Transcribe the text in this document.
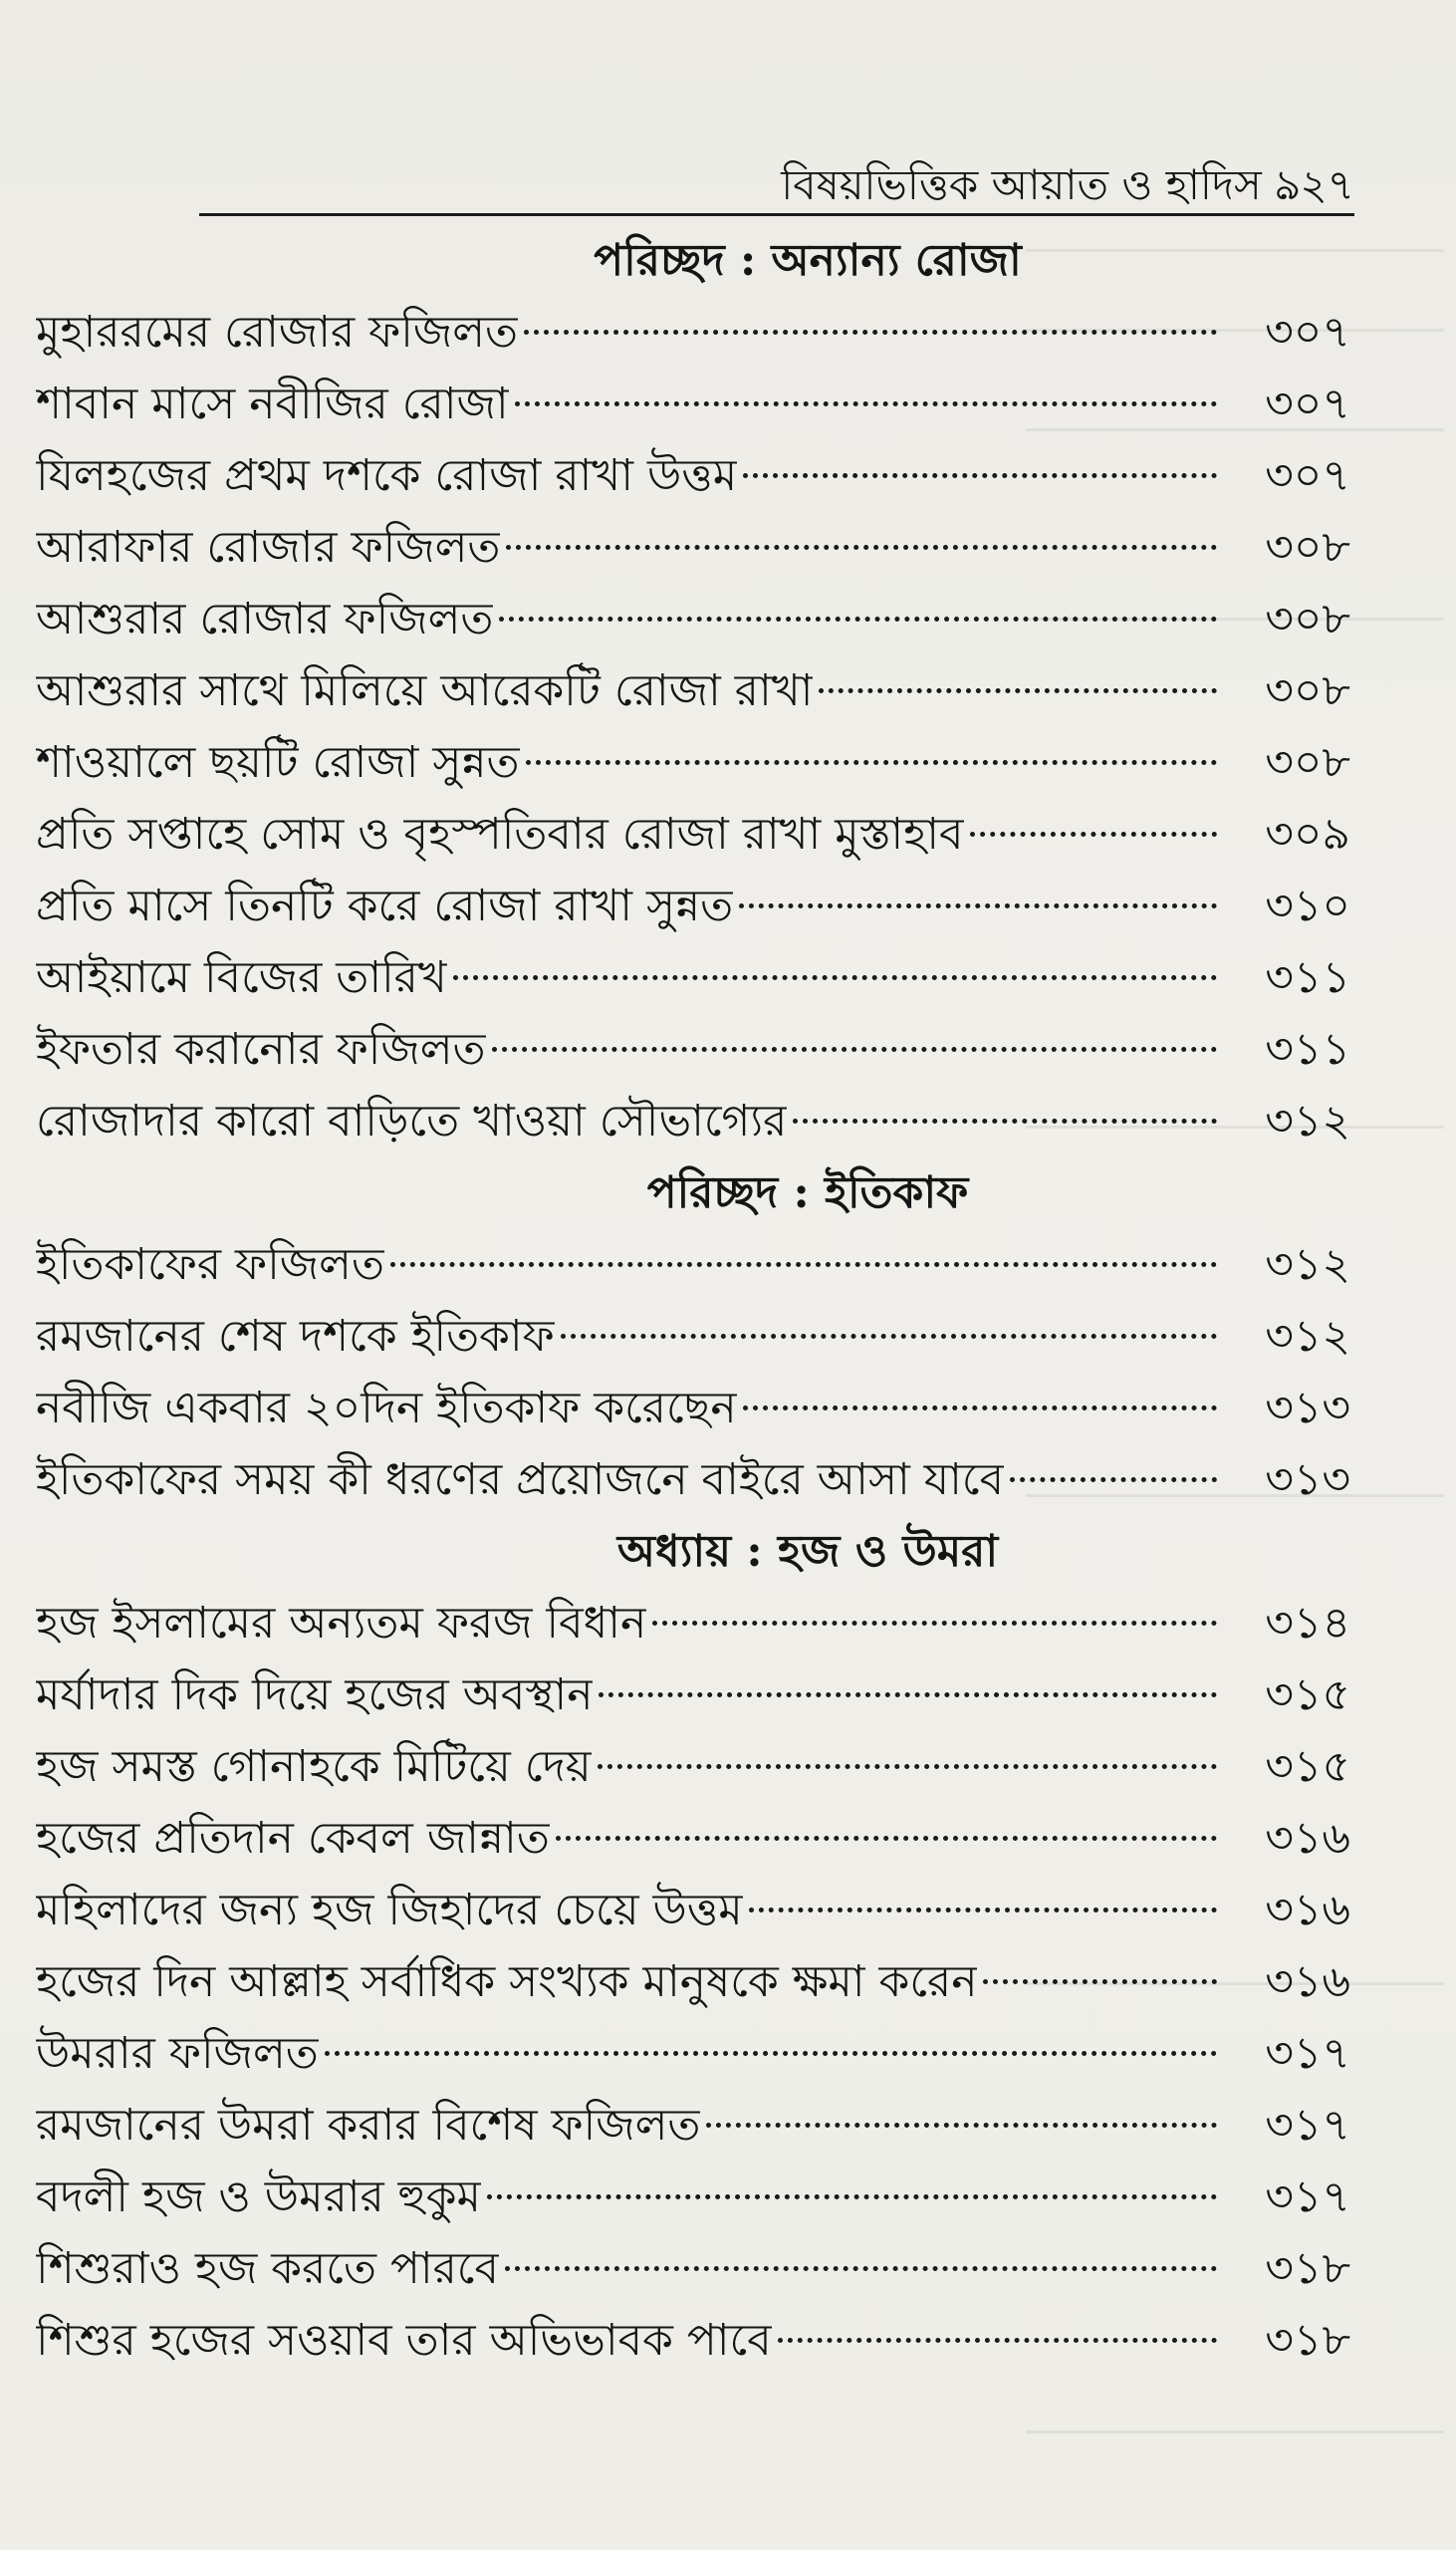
বিষয়ভিত্তিক আয়াত ও হাদিস ঌ২৭
পরিচ্ছদ : অন্যান্য রোজা
মুহাররমের রোজার ফজিলত	৩০৭
শাবান মাসে নবীজির রোজা	৩০৭
যিলহজের প্রথম দশকে রোজা রাখা উত্তম	৩০৭
আরাফার রোজার ফজিলত	৩০৮
আশুরার রোজার ফজিলত	৩০৮
আশুরার সাথে মিলিয়ে আরেকটি রোজা রাখা	৩০৮
শাওয়ালে ছয়টি রোজা সুন্নত	৩০৮
প্রতি সপ্তাহে সোম ও বৃহস্পতিবার রোজা রাখা মুস্তাহাব	৩০৯
প্রতি মাসে তিনটি করে রোজা রাখা সুন্নত	৩১০
আইয়ামে বিজের তারিখ	৩১১
ইফতার করানোর ফজিলত	৩১১
রোজাদার কারো বাড়িতে খাওয়া সৌভাগ্যের	৩১২
পরিচ্ছদ : ইতিকাফ
ইতিকাফের ফজিলত	৩১২
রমজানের শেষ দশকে ইতিকাফ	৩১২
নবীজি একবার ২০দিন ইতিকাফ করেছেন	৩১৩
ইতিকাফের সময় কী ধরণের প্রয়োজনে বাইরে আসা যাবে	৩১৩
অধ্যায় : হজ ও উমরা
হজ ইসলামের অন্যতম ফরজ বিধান	৩১৪
মর্যাদার দিক দিয়ে হজের অবস্থান	৩১৫
হজ সমস্ত গোনাহকে মিটিয়ে দেয়	৩১৫
হজের প্রতিদান কেবল জান্নাত	৩১৬
মহিলাদের জন্য হজ জিহাদের চেয়ে উত্তম	৩১৬
হজের দিন আল্লাহ সর্বাধিক সংখ্যক মানুষকে ক্ষমা করেন	৩১৬
উমরার ফজিলত	৩১৭
রমজানের উমরা করার বিশেষ ফজিলত	৩১৭
বদলী হজ ও উমরার হুকুম	৩১৭
শিশুরাও হজ করতে পারবে	৩১৮
শিশুর হজের সওয়াব তার অভিভাবক পাবে	৩১৮
